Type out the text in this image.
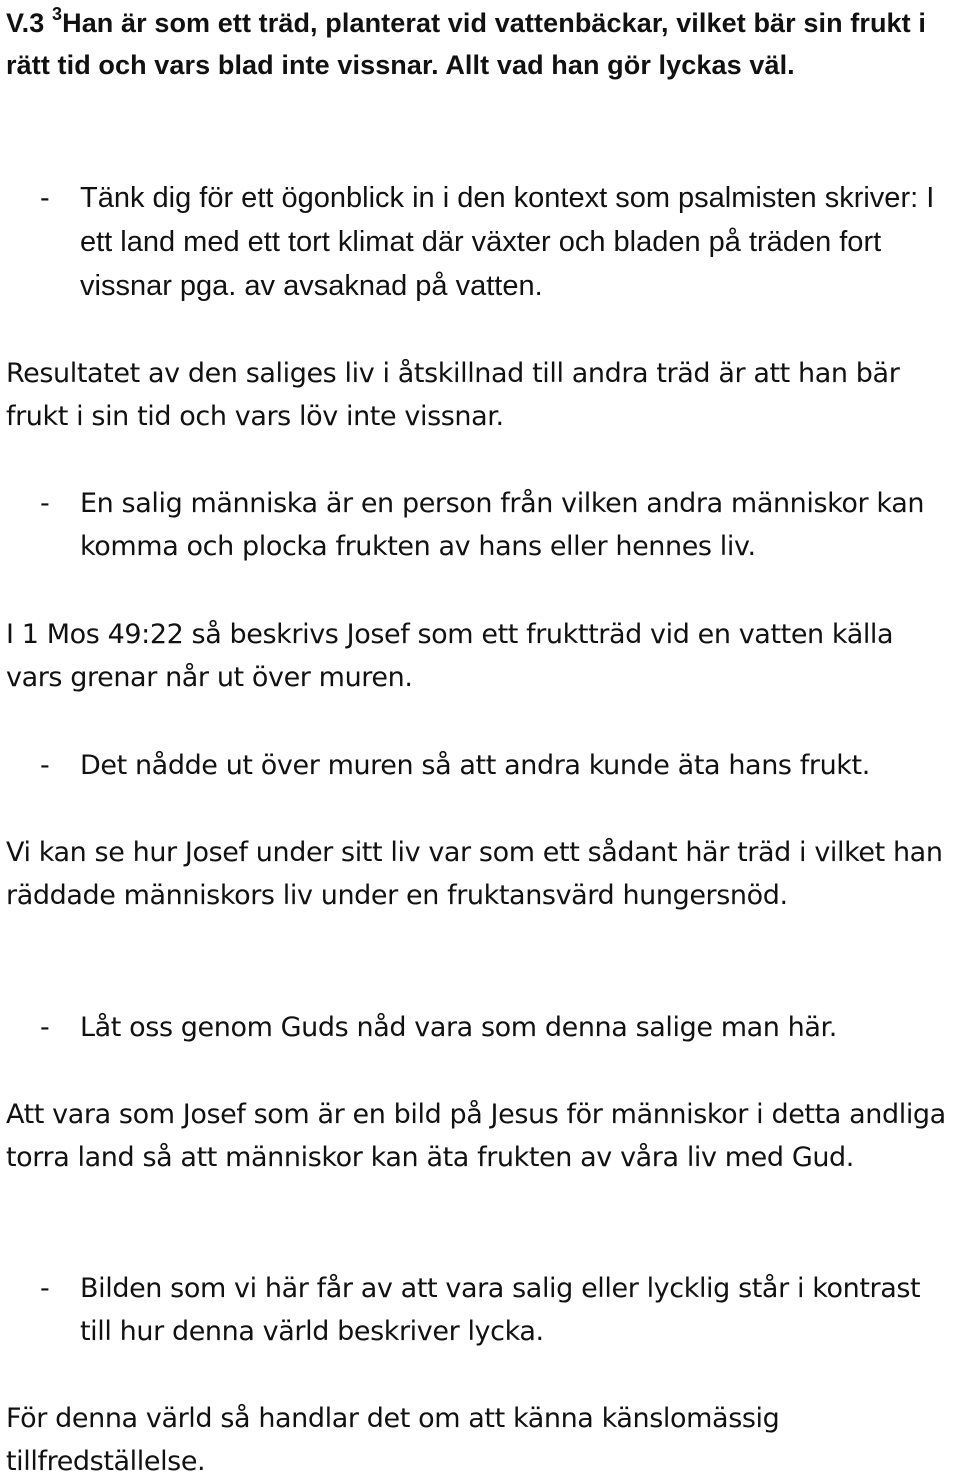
V.3 $^3$Han är som ett träd, planterat vid vattenbäckar, vilket bär sin frukt i rätt tid och vars blad inte vissnar. Allt vad han gör lyckas väl.

- Tänk dig för ett ögonblick in i den kontext som psalmisten skriver: I ett land med ett tort klimat där växter och bladen på träden fort vissnar pga. av avsaknad på vatten.

Resultatet av den saliges liv i åtskillnad till andra träd är att han bär frukt i sin tid och vars löv inte vissnar.

- En salig människa är en person från vilken andra människor kan komma och plocka frukten av hans eller hennes liv.

I 1 Mos 49:22 så beskrivs Josef som ett fruktträd vid en vatten källa vars grenar når ut över muren.

- Det nådde ut över muren så att andra kunde äta hans frukt.

Vi kan se hur Josef under sitt liv var som ett sådant här träd i vilket han räddade människors liv under en fruktansvärd hungersnöd.

- Låt oss genom Guds nåd vara som denna salige man här.

Att vara som Josef som är en bild på Jesus för människor i detta andliga torra land så att människor kan äta frukten av våra liv med Gud.

- Bilden som vi här får av att vara salig eller lycklig står i kontrast till hur denna värld beskriver lycka.

För denna värld så handlar det om att känna känslomässig tillfredställelse.
